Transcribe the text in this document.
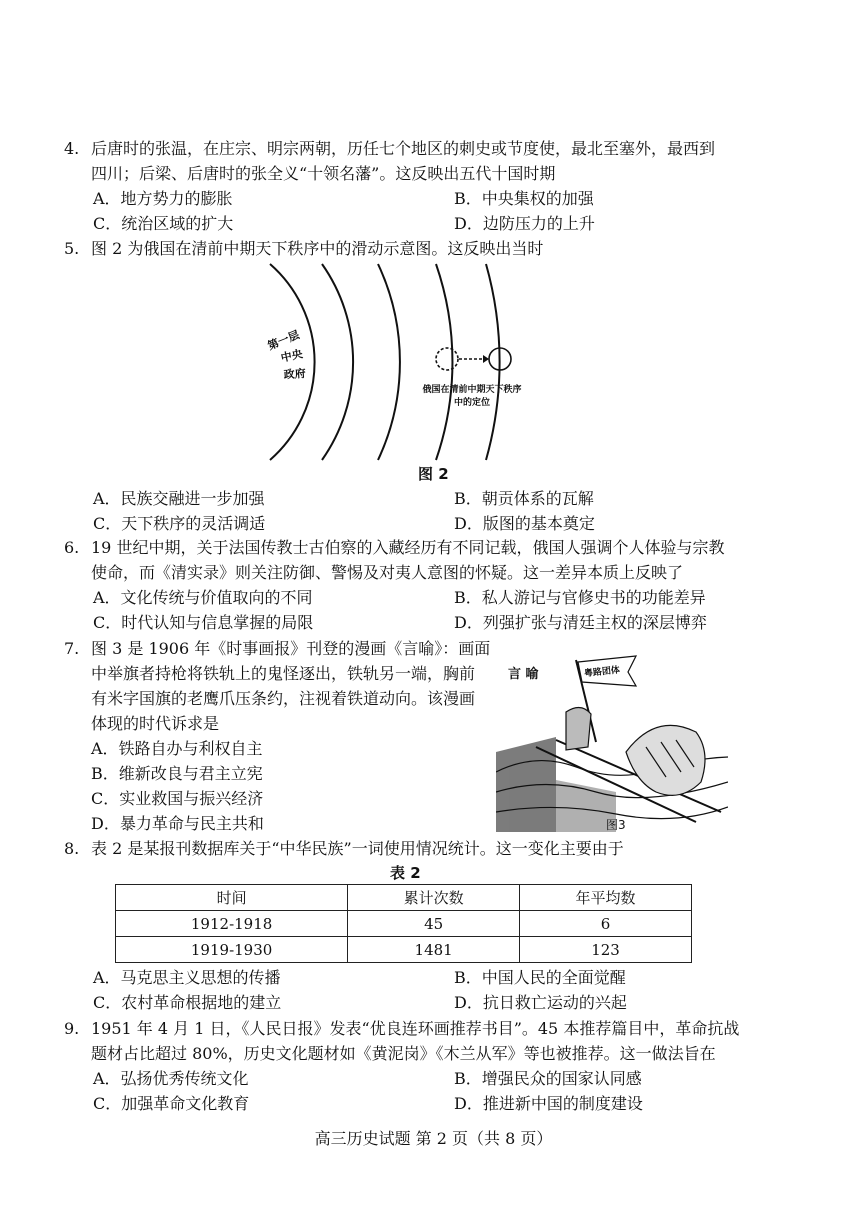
4. 后唐时的张温，在庄宗、明宗两朝，历任七个地区的刺史或节度使，最北至塞外，最西到
四川；后梁、后唐时的张全义“十领名藩”。这反映出五代十国时期
A．地方势力的膨胀	B．中央集权的加强
C．统治区域的扩大	D．边防压力的上升
5. 图 2 为俄国在清前中期天下秩序中的滑动示意图。这反映出当时
第一层
中央
政府
俄国在清前中期天下秩序
中的定位
图 2
A．民族交融进一步加强	B．朝贡体系的瓦解
C．天下秩序的灵活调适	D．版图的基本奠定
6. 19 世纪中期，关于法国传教士古伯察的入藏经历有不同记载，俄国人强调个人体验与宗教
使命，而《清实录》则关注防御、警惕及对夷人意图的怀疑。这一差异本质上反映了
A．文化传统与价值取向的不同	B．私人游记与官修史书的功能差异
C．时代认知与信息掌握的局限	D．列强扩张与清廷主权的深层博弈
7. 图 3 是 1906 年《时事画报》刊登的漫画《言喻》：画面
中举旗者持枪将铁轨上的鬼怪逐出，铁轨另一端，胸前
有米字国旗的老鹰爪压条约，注视着铁道动向。该漫画
体现的时代诉求是
A．铁路自办与利权自主
B．维新改良与君主立宪
C．实业救国与振兴经济
D．暴力革命与民主共和
言 喻	粤路团体
图3
8. 表 2 是某报刊数据库关于“中华民族”一词使用情况统计。这一变化主要由于
表 2
时间	累计次数	年平均数
1912-1918	45	6
1919-1930	1481	123
A．马克思主义思想的传播	B．中国人民的全面觉醒
C．农村革命根据地的建立	D．抗日救亡运动的兴起
9. 1951 年 4 月 1 日，《人民日报》发表“优良连环画推荐书目”。45 本推荐篇目中，革命抗战
题材占比超过 80%，历史文化题材如《黄泥岗》《木兰从军》等也被推荐。这一做法旨在
A．弘扬优秀传统文化	B．增强民众的国家认同感
C．加强革命文化教育	D．推进新中国的制度建设
高三历史试题 第 2 页（共 8 页）
